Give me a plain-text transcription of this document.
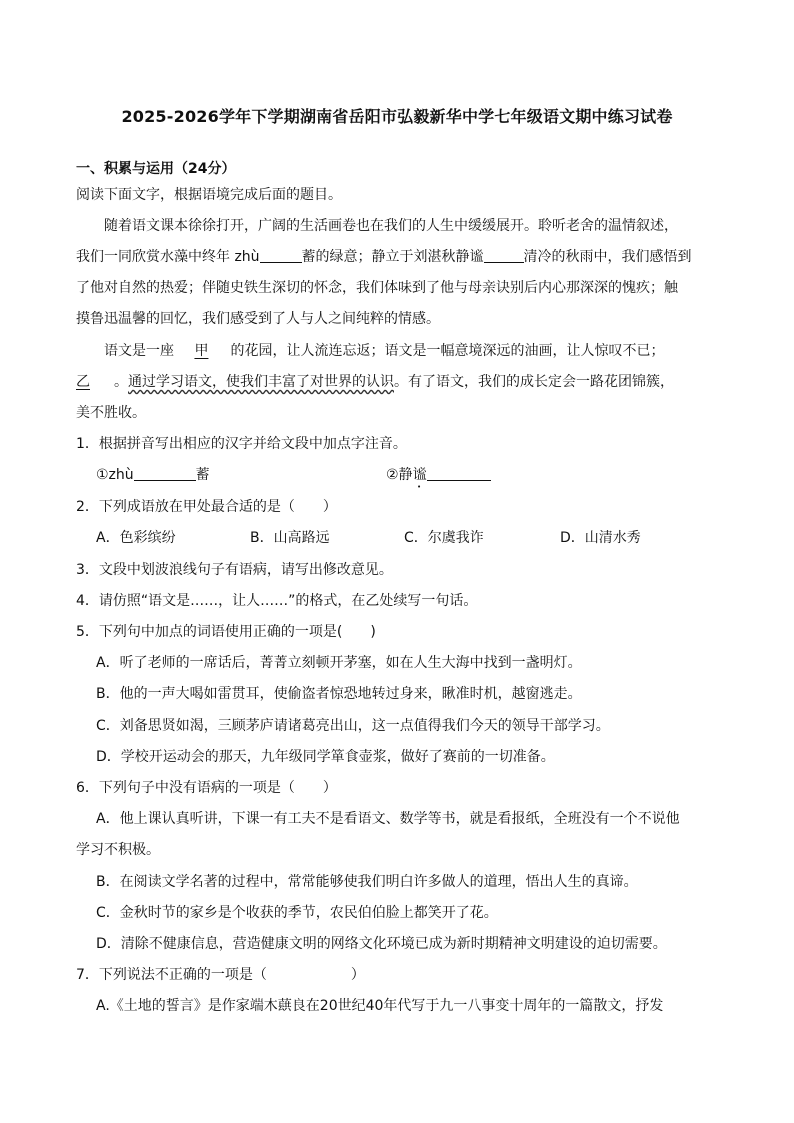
2025-2026学年下学期湖南省岳阳市弘毅新华中学七年级语文期中练习试卷
一、积累与运用（24分）
阅读下面文字，根据语境完成后面的题目。
随着语文课本徐徐打开，广阔的生活画卷也在我们的人生中缓缓展开。聆听老舍的温情叙述，
我们一同欣赏水藻中终年 zhù	蓄的绿意；静立于刘湛秋静谧	清冷的秋雨中，我们感悟到
了他对自然的热爱；伴随史铁生深切的怀念，我们体味到了他与母亲诀别后内心那深深的愧疚；触
摸鲁迅温馨的回忆，我们感受到了人与人之间纯粹的情感。
语文是一座 甲 的花园，让人流连忘返；语文是一幅意境深远的油画，让人惊叹不已；
乙 。通过学习语文，使我们丰富了对世界的认识。有了语文，我们的成长定会一路花团锦簇，
美不胜收。
1．根据拼音写出相应的汉字并给文段中加点字注音。
①zhù	蓄	②静谧
2．下列成语放在甲处最合适的是（　　）
A．色彩缤纷	B．山高路远	C．尔虞我诈	D．山清水秀
3．文段中划波浪线句子有语病，请写出修改意见。
4．请仿照“语文是……，让人……”的格式，在乙处续写一句话。
5．下列句中加点的词语使用正确的一项是(　　)
A．听了老师的一席话后，菁菁立刻顿开茅塞，如在人生大海中找到一盏明灯。
B．他的一声大喝如雷贯耳，使偷盗者惊恐地转过身来，瞅准时机，越窗逃走。
C．刘备思贤如渴，三顾茅庐请诸葛亮出山，这一点值得我们今天的领导干部学习。
D．学校开运动会的那天，九年级同学箪食壶浆，做好了赛前的一切准备。
6．下列句子中没有语病的一项是（　　）
A．他上课认真听讲，下课一有工夫不是看语文、数学等书，就是看报纸，全班没有一个不说他
学习不积极。
B．在阅读文学名著的过程中，常常能够使我们明白许多做人的道理，悟出人生的真谛。
C．金秋时节的家乡是个收获的季节，农民伯伯脸上都笑开了花。
D．清除不健康信息，营造健康文明的网络文化环境已成为新时期精神文明建设的迫切需要。
7．下列说法不正确的一项是（　　　　　　）
A.《土地的誓言》是作家端木蕻良在20世纪40年代写于九一八事变十周年的一篇散文，抒发
